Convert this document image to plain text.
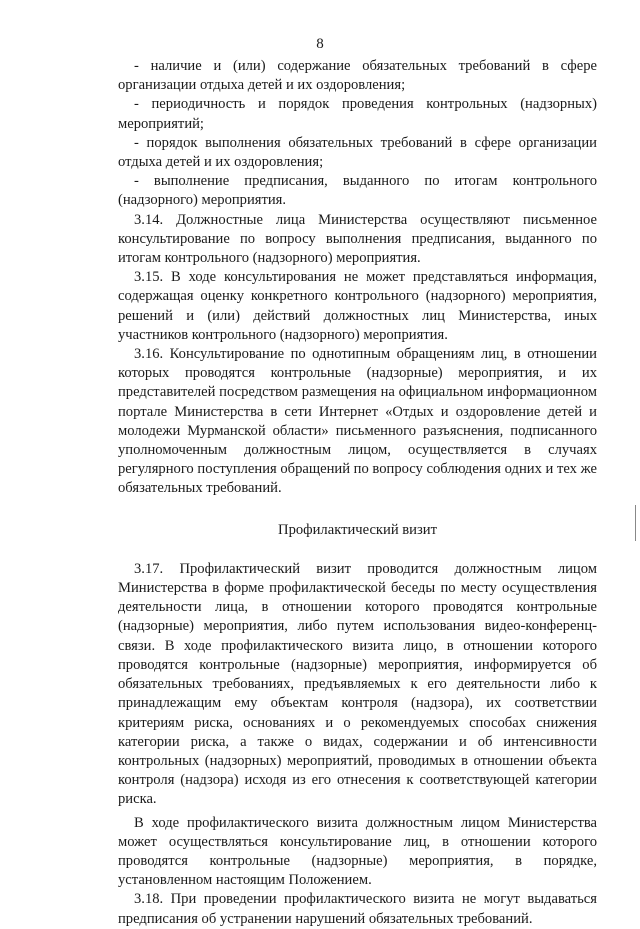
8

- наличие и (или) содержание обязательных требований в сфере организации отдыха детей и их оздоровления;

- периодичность и порядок проведения контрольных (надзорных) мероприятий;

- порядок выполнения обязательных требований в сфере организации отдыха детей и их оздоровления;

- выполнение предписания, выданного по итогам контрольного (надзорного) мероприятия.

3.14. Должностные лица Министерства осуществляют письменное консультирование по вопросу выполнения предписания, выданного по итогам контрольного (надзорного) мероприятия.

3.15. В ходе консультирования не может представляться информация, содержащая оценку конкретного контрольного (надзорного) мероприятия, решений и (или) действий должностных лиц Министерства, иных участников контрольного (надзорного) мероприятия.

3.16. Консультирование по однотипным обращениям лиц, в отношении которых проводятся контрольные (надзорные) мероприятия, и их представителей посредством размещения на официальном информационном портале Министерства в сети Интернет «Отдых и оздоровление детей и молодежи Мурманской области» письменного разъяснения, подписанного уполномоченным должностным лицом, осуществляется в случаях регулярного поступления обращений по вопросу соблюдения одних и тех же обязательных требований.

Профилактический визит

3.17. Профилактический визит проводится должностным лицом Министерства в форме профилактической беседы по месту осуществления деятельности лица, в отношении которого проводятся контрольные (надзорные) мероприятия, либо путем использования видео-конференц-связи. В ходе профилактического визита лицо, в отношении которого проводятся контрольные (надзорные) мероприятия, информируется об обязательных требованиях, предъявляемых к его деятельности либо к принадлежащим ему объектам контроля (надзора), их соответствии критериям риска, основаниях и о рекомендуемых способах снижения категории риска, а также о видах, содержании и об интенсивности контрольных (надзорных) мероприятий, проводимых в отношении объекта контроля (надзора) исходя из его отнесения к соответствующей категории риска.

В ходе профилактического визита должностным лицом Министерства может осуществляться консультирование лиц, в отношении которого проводятся контрольные (надзорные) мероприятия, в порядке, установленном настоящим Положением.

3.18. При проведении профилактического визита не могут выдаваться предписания об устранении нарушений обязательных требований.
